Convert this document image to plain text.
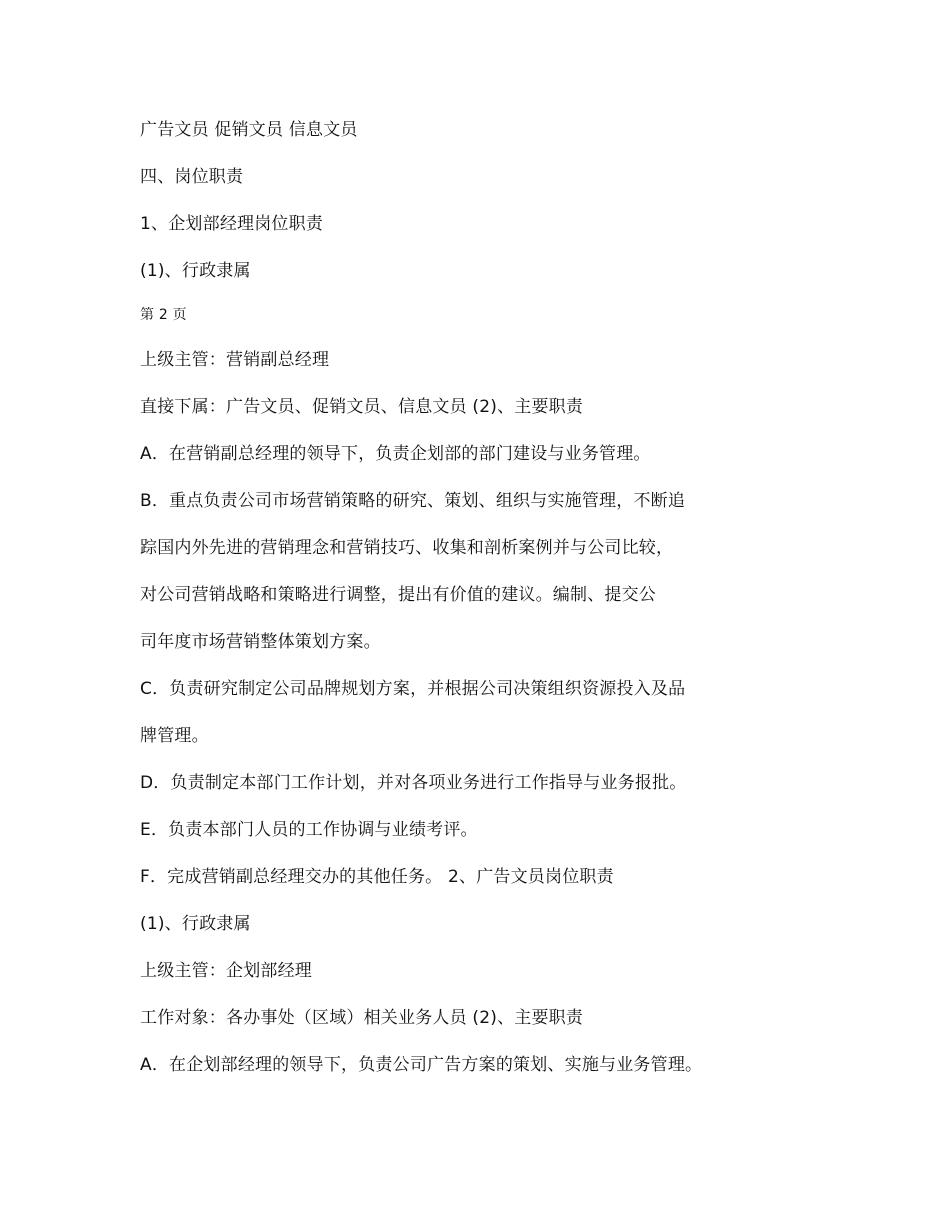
广告文员 促销文员 信息文员
四、岗位职责
1、企划部经理岗位职责
(1)、行政隶属
第 2 页
上级主管：营销副总经理
直接下属：广告文员、促销文员、信息文员 (2)、主要职责
A．在营销副总经理的领导下，负责企划部的部门建设与业务管理。
B．重点负责公司市场营销策略的研究、策划、组织与实施管理，不断追
踪国内外先进的营销理念和营销技巧、收集和剖析案例并与公司比较，
对公司营销战略和策略进行调整，提出有价值的建议。编制、提交公
司年度市场营销整体策划方案。
C．负责研究制定公司品牌规划方案，并根据公司决策组织资源投入及品
牌管理。
D．负责制定本部门工作计划，并对各项业务进行工作指导与业务报批。
E．负责本部门人员的工作协调与业绩考评。
F．完成营销副总经理交办的其他任务。 2、广告文员岗位职责
(1)、行政隶属
上级主管：企划部经理
工作对象：各办事处（区域）相关业务人员 (2)、主要职责
A．在企划部经理的领导下，负责公司广告方案的策划、实施与业务管理。
